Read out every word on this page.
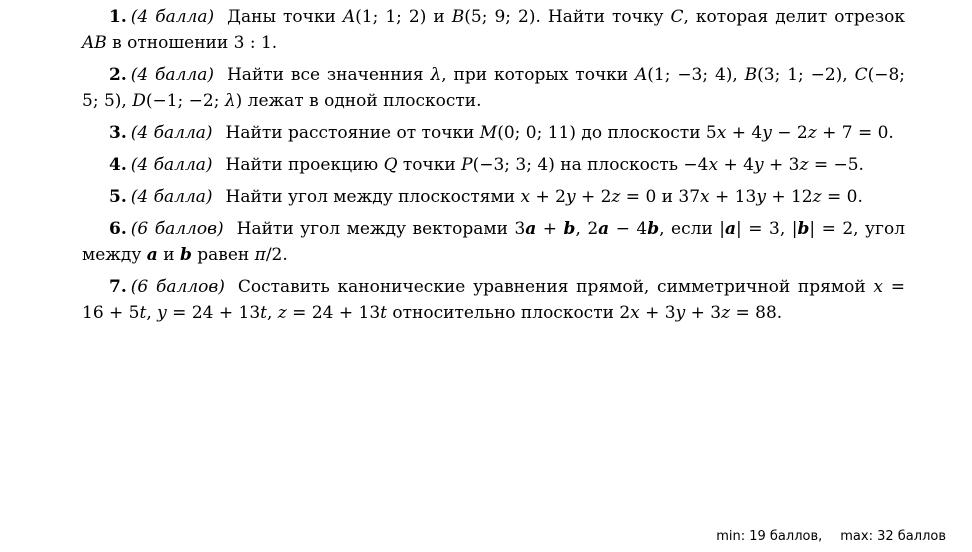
1. (4 балла) Даны точки A(1; 1; 2) и B(5; 9; 2). Найти точку C, которая делит отрезок AB в отношении 3 : 1.

2. (4 балла) Найти все значенния λ, при которых точки A(1; −3; 4), B(3; 1; −2), C(−8; 5; 5), D(−1; −2; λ) лежат в одной плоскости.

3. (4 балла) Найти расстояние от точки M(0; 0; 11) до плоскости 5x + 4y − 2z + 7 = 0.

4. (4 балла) Найти проекцию Q точки P(−3; 3; 4) на плоскость −4x + 4y + 3z = −5.

5. (4 балла) Найти угол между плоскостями x + 2y + 2z = 0 и 37x + 13y + 12z = 0.

6. (6 баллов) Найти угол между векторами 3a + b, 2a − 4b, если |a| = 3, |b| = 2, угол между a и b равен π/2.

7. (6 баллов) Составить канонические уравнения прямой, симметричной прямой x = 16 + 5t, y = 24 + 13t, z = 24 + 13t относительно плоскости 2x + 3y + 3z = 88.

min: 19 баллов, max: 32 баллов
